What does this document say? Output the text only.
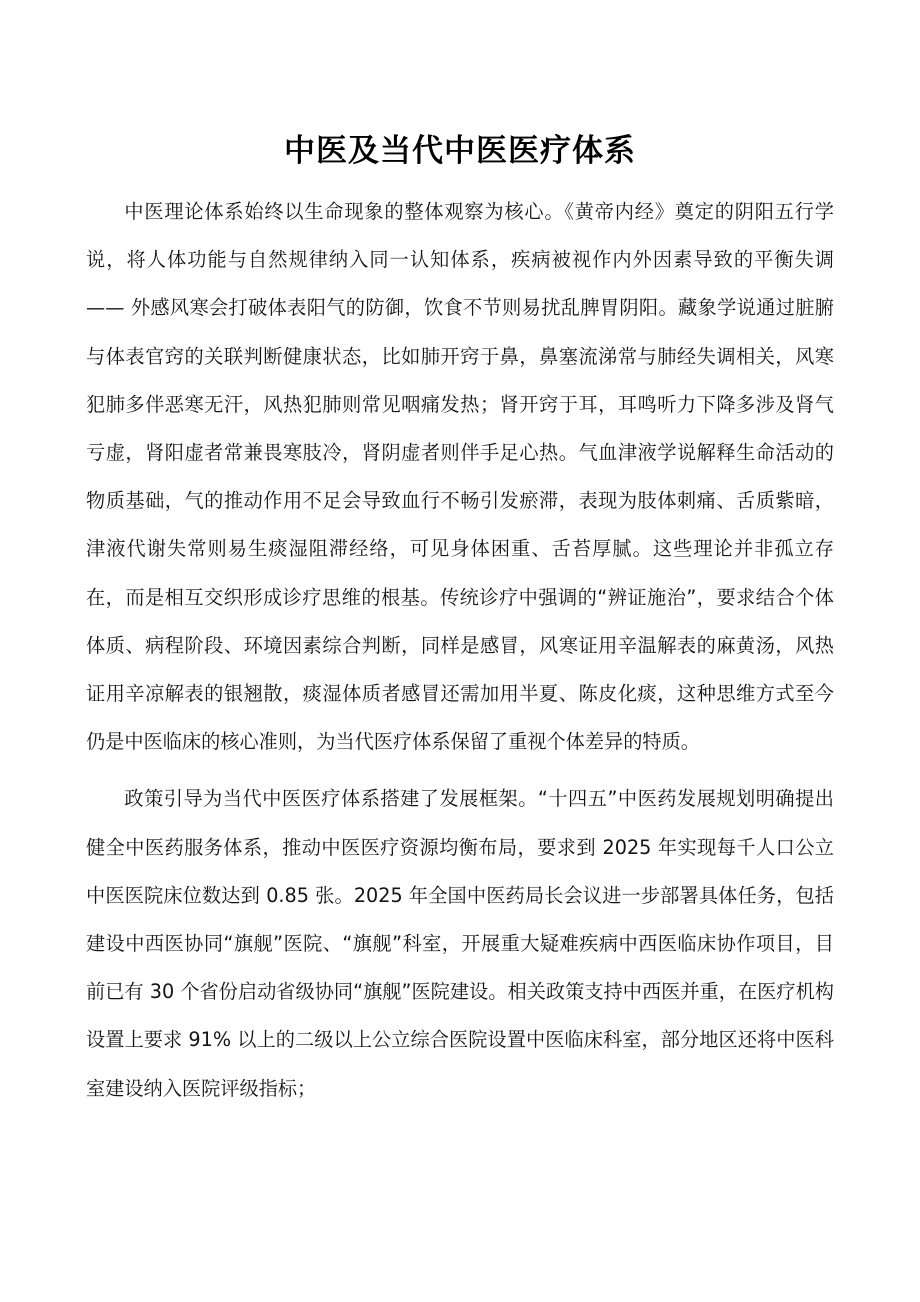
中医及当代中医医疗体系

中医理论体系始终以生命现象的整体观察为核心。《黄帝内经》奠定的阴阳五行学说，将人体功能与自然规律纳入同一认知体系，疾病被视作内外因素导致的平衡失调 —— 外感风寒会打破体表阳气的防御，饮食不节则易扰乱脾胃阴阳。藏象学说通过脏腑与体表官窍的关联判断健康状态，比如肺开窍于鼻，鼻塞流涕常与肺经失调相关，风寒犯肺多伴恶寒无汗，风热犯肺则常见咽痛发热；肾开窍于耳，耳鸣听力下降多涉及肾气亏虚，肾阳虚者常兼畏寒肢冷，肾阴虚者则伴手足心热。气血津液学说解释生命活动的物质基础，气的推动作用不足会导致血行不畅引发瘀滞，表现为肢体刺痛、舌质紫暗，津液代谢失常则易生痰湿阻滞经络，可见身体困重、舌苔厚腻。这些理论并非孤立存在，而是相互交织形成诊疗思维的根基。传统诊疗中强调的“辨证施治”，要求结合个体体质、病程阶段、环境因素综合判断，同样是感冒，风寒证用辛温解表的麻黄汤，风热证用辛凉解表的银翘散，痰湿体质者感冒还需加用半夏、陈皮化痰，这种思维方式至今仍是中医临床的核心准则，为当代医疗体系保留了重视个体差异的特质。

政策引导为当代中医医疗体系搭建了发展框架。“十四五”中医药发展规划明确提出健全中医药服务体系，推动中医医疗资源均衡布局，要求到 2025 年实现每千人口公立中医医院床位数达到 0.85 张。2025 年全国中医药局长会议进一步部署具体任务，包括建设中西医协同“旗舰”医院、“旗舰”科室，开展重大疑难疾病中西医临床协作项目，目前已有 30 个省份启动省级协同“旗舰”医院建设。相关政策支持中西医并重，在医疗机构设置上要求 91% 以上的二级以上公立综合医院设置中医临床科室，部分地区还将中医科室建设纳入医院评级指标；
